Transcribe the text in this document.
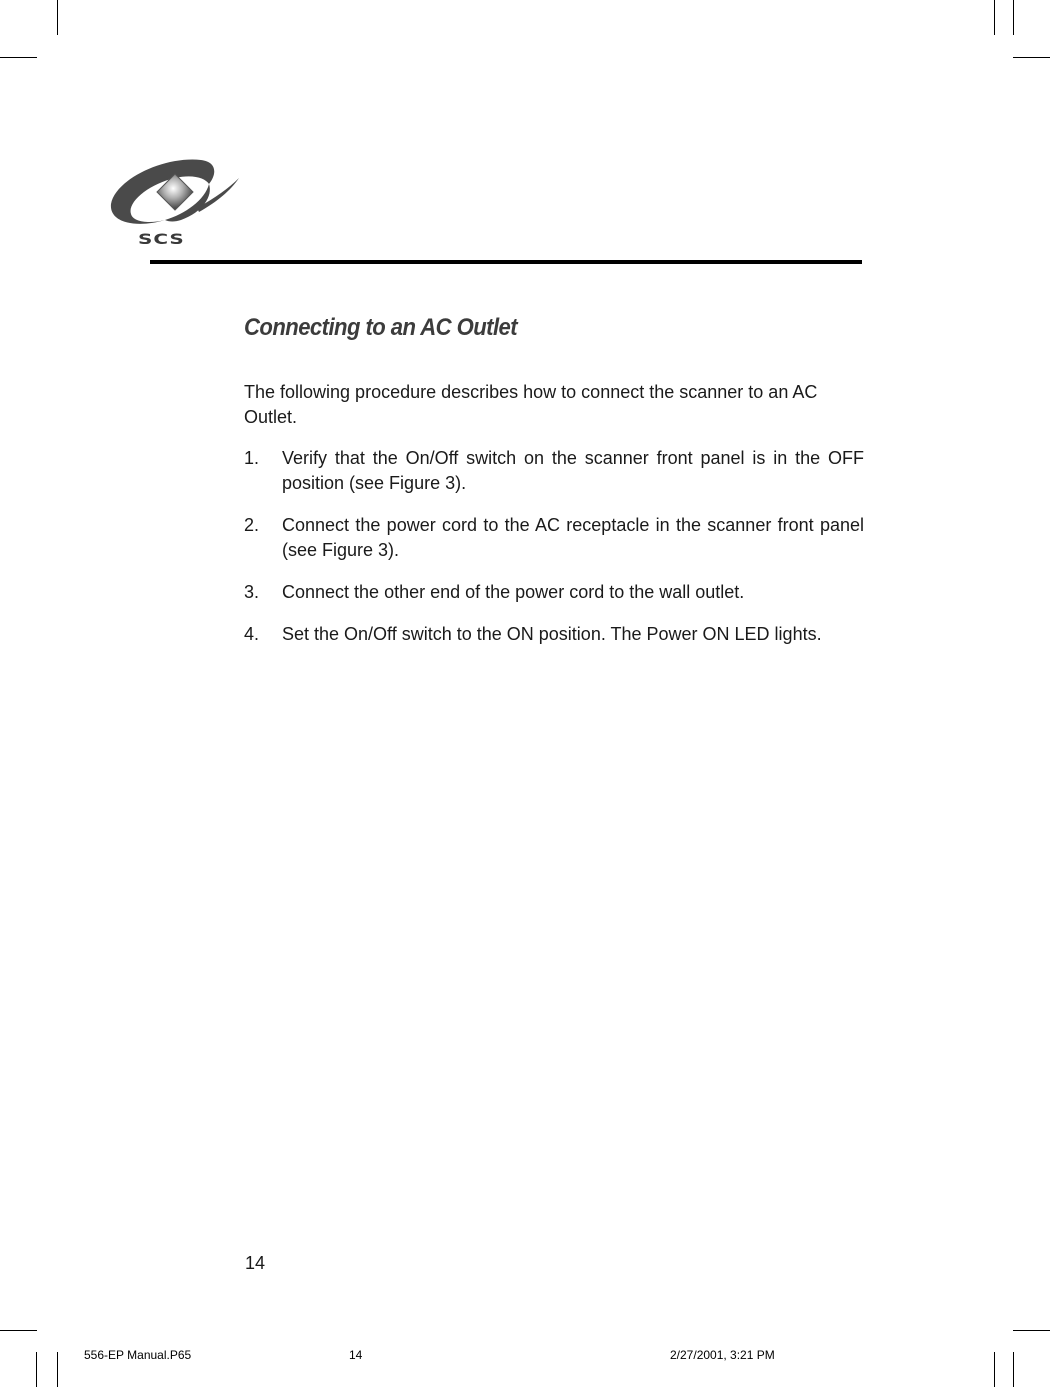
SCS
Connecting to an AC Outlet
The following procedure describes how to connect the scanner to an AC Outlet.
1. Verify that the On/Off switch on the scanner front panel is in the OFF position (see Figure 3).
2. Connect the power cord to the AC receptacle in the scanner front panel (see Figure 3).
3. Connect the other end of the power cord to the wall outlet.
4. Set the On/Off switch to the ON position. The Power ON LED lights.
14
556-EP Manual.P65	14	2/27/2001, 3:21 PM
